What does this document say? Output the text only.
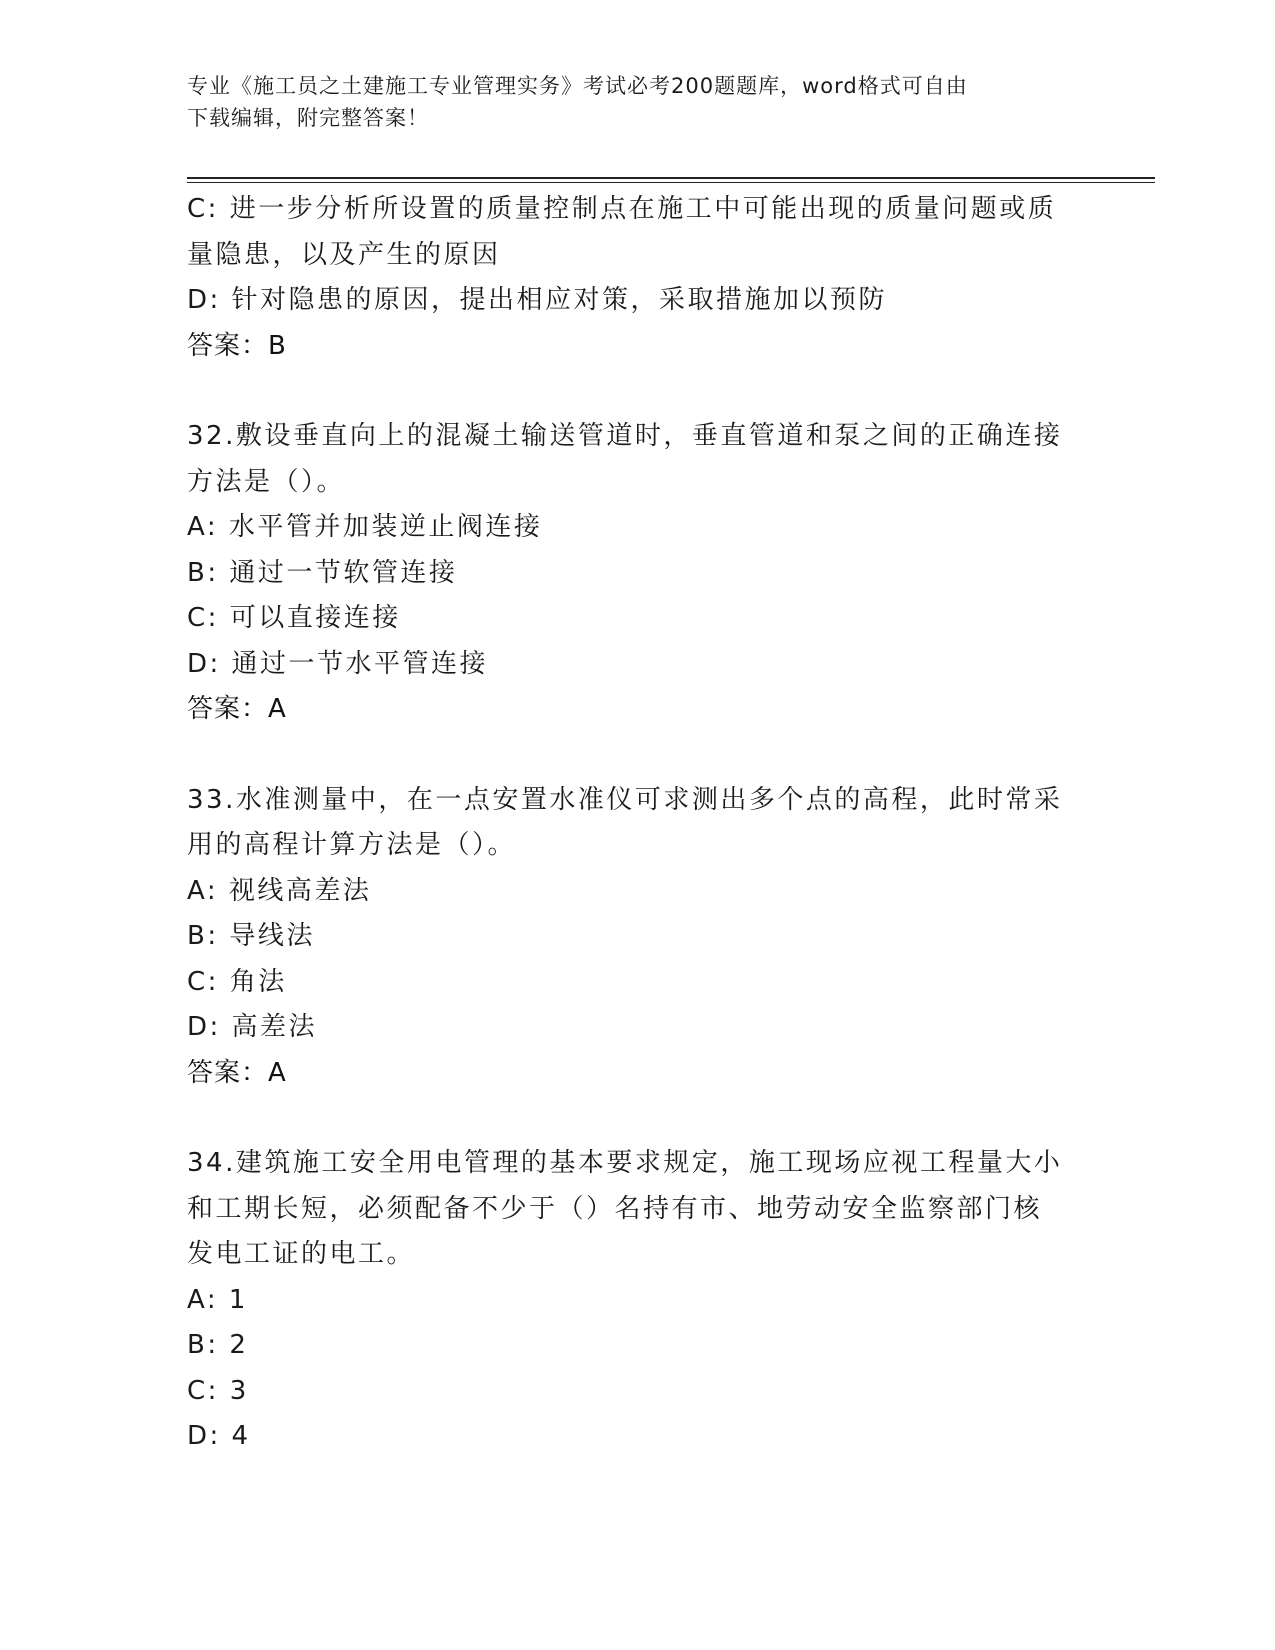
专业《施工员之土建施工专业管理实务》考试必考200题题库，word格式可自由
下载编辑，附完整答案！
C: 进一步分析所设置的质量控制点在施工中可能出现的质量问题或质
量隐患，以及产生的原因
D: 针对隐患的原因，提出相应对策，采取措施加以预防
答案：B
32.敷设垂直向上的混凝土输送管道时，垂直管道和泵之间的正确连接
方法是（）。
A: 水平管并加装逆止阀连接
B: 通过一节软管连接
C: 可以直接连接
D: 通过一节水平管连接
答案：A
33.水准测量中，在一点安置水准仪可求测出多个点的高程，此时常采
用的高程计算方法是（）。
A: 视线高差法
B: 导线法
C: 角法
D: 高差法
答案：A
34.建筑施工安全用电管理的基本要求规定，施工现场应视工程量大小
和工期长短，必须配备不少于（）名持有市、地劳动安全监察部门核
发电工证的电工。
A: 1
B: 2
C: 3
D: 4
